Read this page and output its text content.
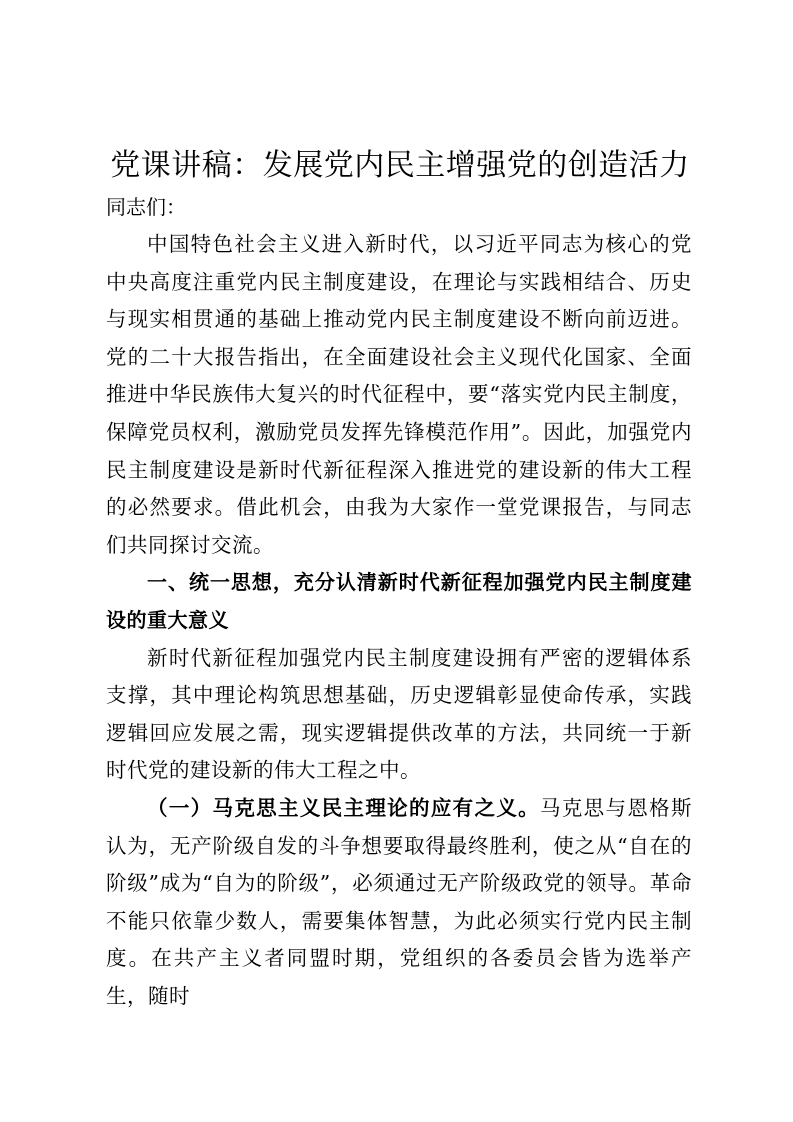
党课讲稿：发展党内民主增强党的创造活力
同志们：

中国特色社会主义进入新时代，以习近平同志为核心的党中央高度注重党内民主制度建设，在理论与实践相结合、历史与现实相贯通的基础上推动党内民主制度建设不断向前迈进。党的二十大报告指出，在全面建设社会主义现代化国家、全面推进中华民族伟大复兴的时代征程中，要“落实党内民主制度，保障党员权利，激励党员发挥先锋模范作用”。因此，加强党内民主制度建设是新时代新征程深入推进党的建设新的伟大工程的必然要求。借此机会，由我为大家作一堂党课报告，与同志们共同探讨交流。

一、统一思想，充分认清新时代新征程加强党内民主制度建设的重大意义

新时代新征程加强党内民主制度建设拥有严密的逻辑体系支撑，其中理论构筑思想基础，历史逻辑彰显使命传承，实践逻辑回应发展之需，现实逻辑提供改革的方法，共同统一于新时代党的建设新的伟大工程之中。

（一）马克思主义民主理论的应有之义。马克思与恩格斯认为，无产阶级自发的斗争想要取得最终胜利，使之从“自在的阶级”成为“自为的阶级”，必须通过无产阶级政党的领导。革命不能只依靠少数人，需要集体智慧，为此必须实行党内民主制度。在共产主义者同盟时期，党组织的各委员会皆为选举产生，随时
